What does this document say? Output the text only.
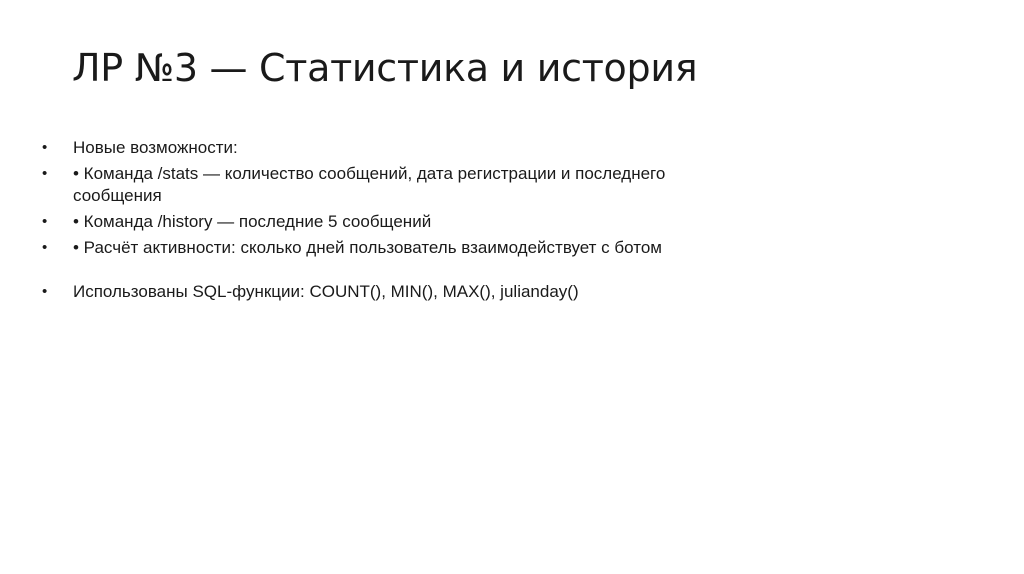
ЛР №3 — Статистика и история
• Новые возможности:
• • Команда /stats — количество сообщений, дата регистрации и последнего сообщения
• • Команда /history — последние 5 сообщений
• • Расчёт активности: сколько дней пользователь взаимодействует с ботом
• Использованы SQL-функции: COUNT(), MIN(), MAX(), julianday()
